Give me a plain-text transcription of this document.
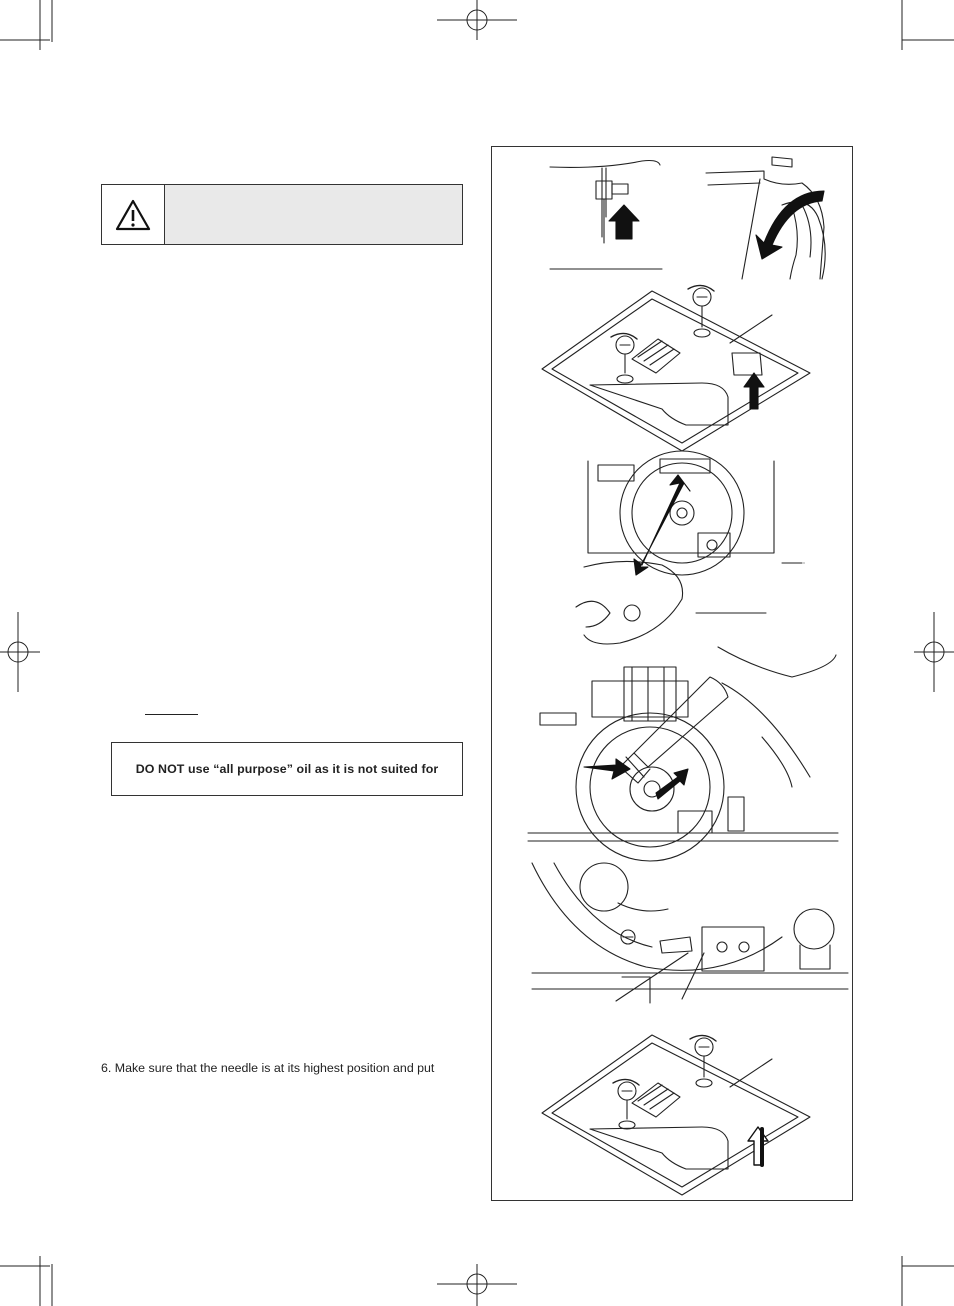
DO NOT use “all purpose” oil as it is not suited for
6. Make sure that the needle is at its highest position and put
